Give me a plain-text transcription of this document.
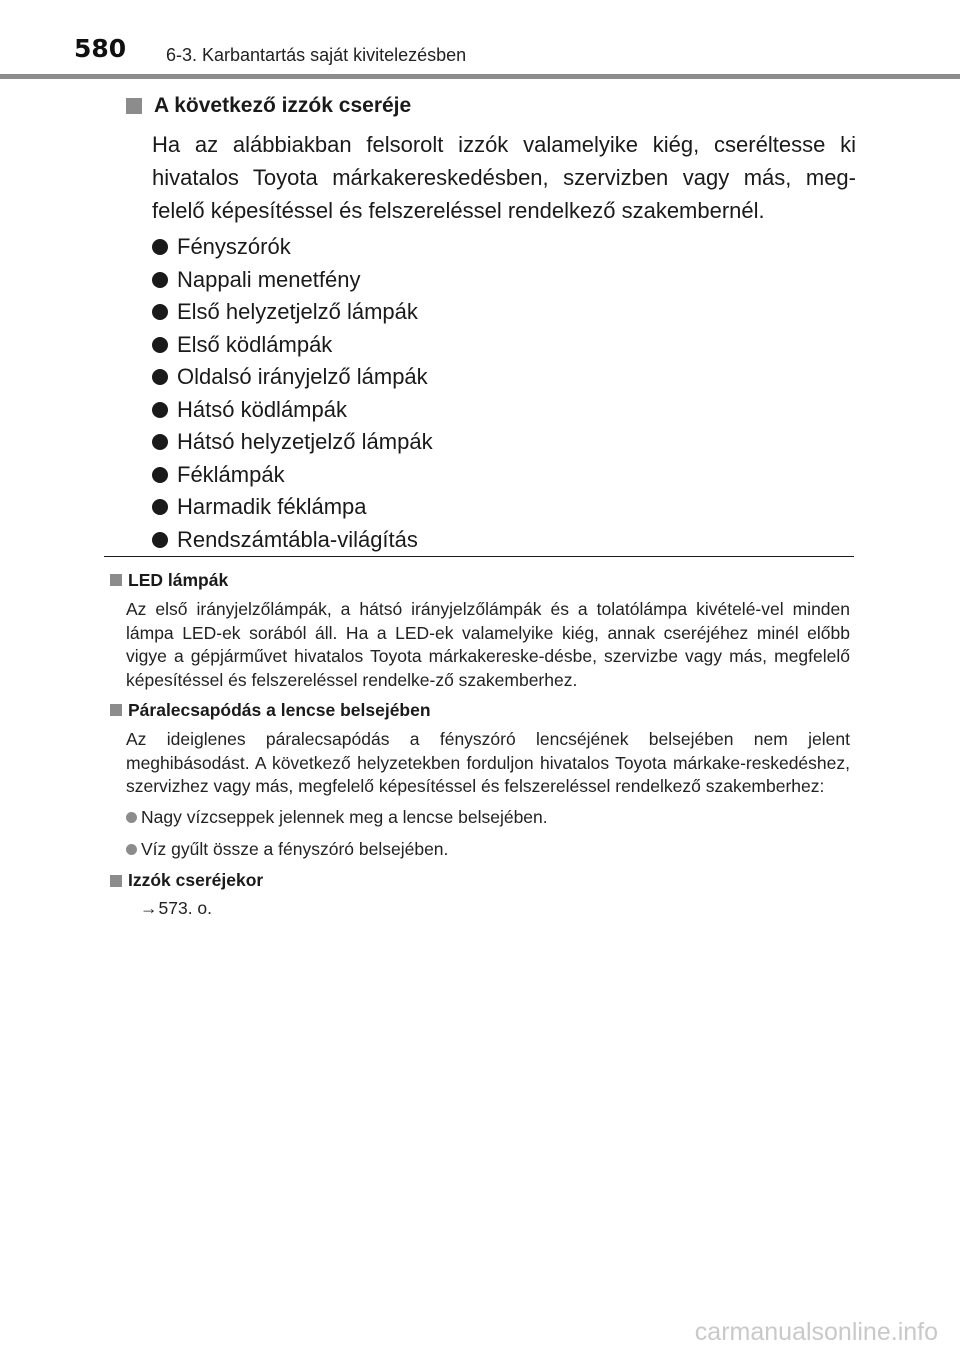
580 6-3. Karbantartás saját kivitelezésben
A következő izzók cseréje
Ha az alábbiakban felsorolt izzók valamelyike kiég, cseréltesse ki hivatalos Toyota márkakereskedésben, szervizben vagy más, meg-felelő képesítéssel és felszereléssel rendelkező szakembernél.
Fényszórók
Nappali menetfény
Első helyzetjelző lámpák
Első ködlámpák
Oldalsó irányjelző lámpák
Hátsó ködlámpák
Hátsó helyzetjelző lámpák
Féklámpák
Harmadik féklámpa
Rendszámtábla-világítás
LED lámpák
Az első irányjelzőlámpák, a hátsó irányjelzőlámpák és a tolatólámpa kivételé-vel minden lámpa LED-ek sorából áll. Ha a LED-ek valamelyike kiég, annak cseréjéhez minél előbb vigye a gépjárművet hivatalos Toyota márkakereske-désbe, szervizbe vagy más, megfelelő képesítéssel és felszereléssel rendelke-ző szakemberhez.
Páralecsapódás a lencse belsejében
Az ideiglenes páralecsapódás a fényszóró lencséjének belsejében nem jelent meghibásodást. A következő helyzetekben forduljon hivatalos Toyota márkake-reskedéshez, szervizhez vagy más, megfelelő képesítéssel és felszereléssel rendelkező szakemberhez:
Nagy vízcseppek jelennek meg a lencse belsejében.
Víz gyűlt össze a fényszóró belsejében.
Izzók cseréjekor
→ 573. o.
carmanualsonline.info
